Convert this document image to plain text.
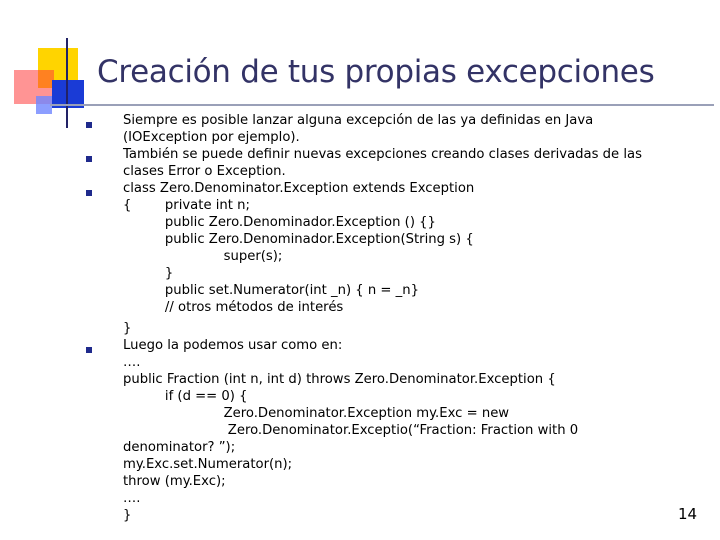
Creación de tus propias excepciones
Siempre es posible lanzar alguna excepción de las ya definidas en Java
(IOException por ejemplo).
También se puede definir nuevas excepciones creando clases derivadas de las
clases Error o Exception.
class Zero.Denominator.Exception extends Exception
{        private int n;
public Zero.Denominador.Exception () {}
public Zero.Denominador.Exception(String s) {
super(s);
}
public set.Numerator(int _n) { n = _n}
// otros métodos de interés
}
Luego la podemos usar como en:
….
public Fraction (int n, int d) throws Zero.Denominator.Exception {
if (d == 0) {
Zero.Denominator.Exception my.Exc = new
Zero.Denominator.Exceptio(“Fraction: Fraction with 0
denominator? ”);
my.Exc.set.Numerator(n);
throw (my.Exc);
….
}	14
